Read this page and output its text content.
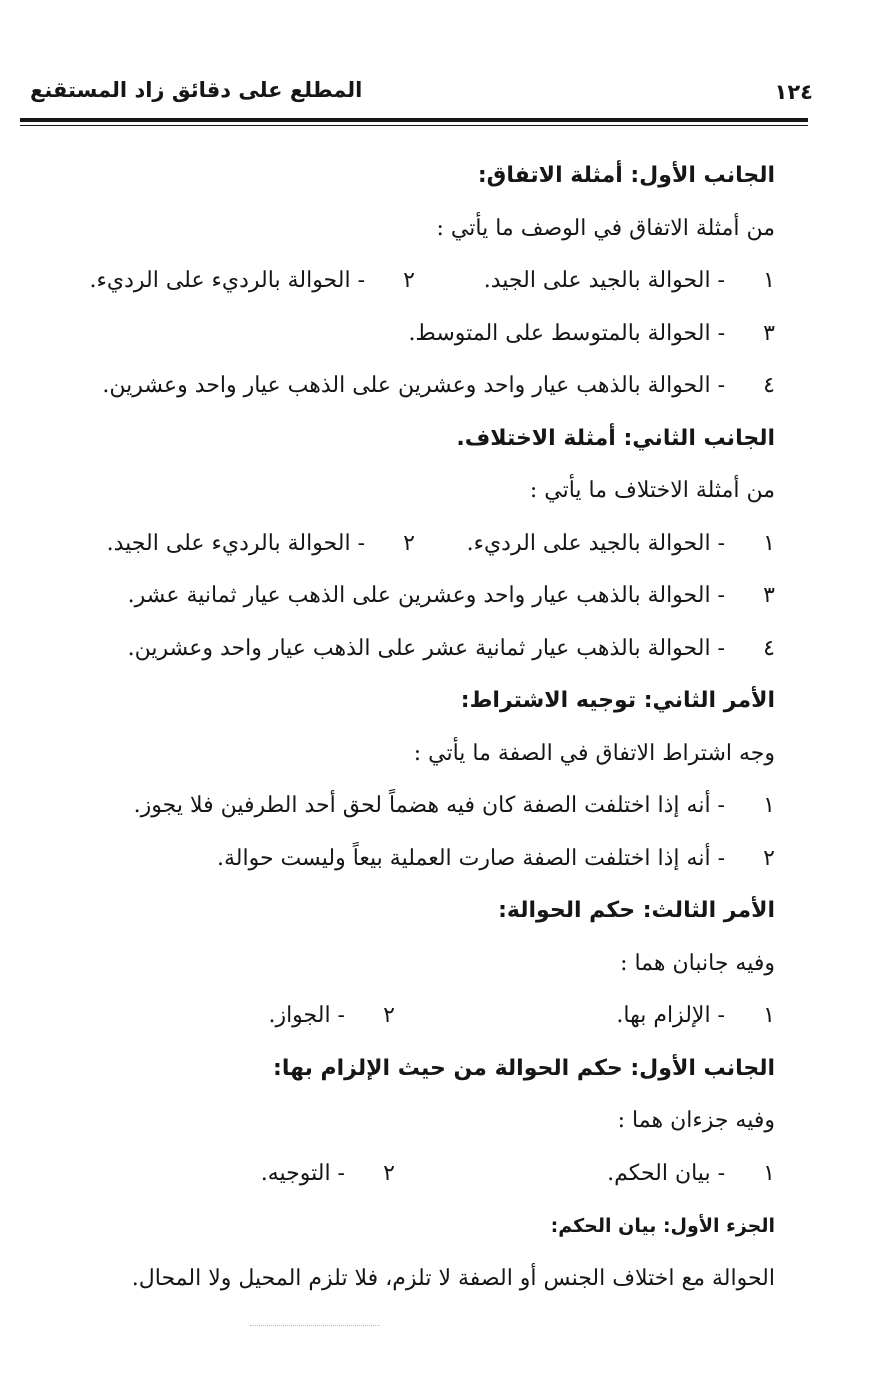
المطلع على دقائق زاد المستقنع	١٢٤
الجانب الأول: أمثلة الاتفاق:
من أمثلة الاتفاق في الوصف ما يأتي :
١
- الحوالة بالجيد على الجيد.
٢
- الحوالة بالرديء على الرديء.
٣
- الحوالة بالمتوسط على المتوسط.
٤
- الحوالة بالذهب عيار واحد وعشرين على الذهب عيار واحد وعشرين.
الجانب الثاني: أمثلة الاختلاف.
من أمثلة الاختلاف ما يأتي :
١
- الحوالة بالجيد على الرديء.
٢
- الحوالة بالرديء على الجيد.
٣
- الحوالة بالذهب عيار واحد وعشرين على الذهب عيار ثمانية عشر.
٤
- الحوالة بالذهب عيار ثمانية عشر على الذهب عيار واحد وعشرين.
الأمر الثاني: توجيه الاشتراط:
وجه اشتراط الاتفاق في الصفة ما يأتي :
١
- أنه إذا اختلفت الصفة كان فيه هضماً لحق أحد الطرفين فلا يجوز.
٢
- أنه إذا اختلفت الصفة صارت العملية بيعاً وليست حوالة.
الأمر الثالث: حكم الحوالة:
وفيه جانبان هما :
١
- الإلزام بها.
٢
- الجواز.
الجانب الأول: حكم الحوالة من حيث الإلزام بها:
وفيه جزءان هما :
١
- بيان الحكم.
٢
- التوجيه.
الجزء الأول: بيان الحكم:
الحوالة مع اختلاف الجنس أو الصفة لا تلزم، فلا تلزم المحيل ولا المحال.
